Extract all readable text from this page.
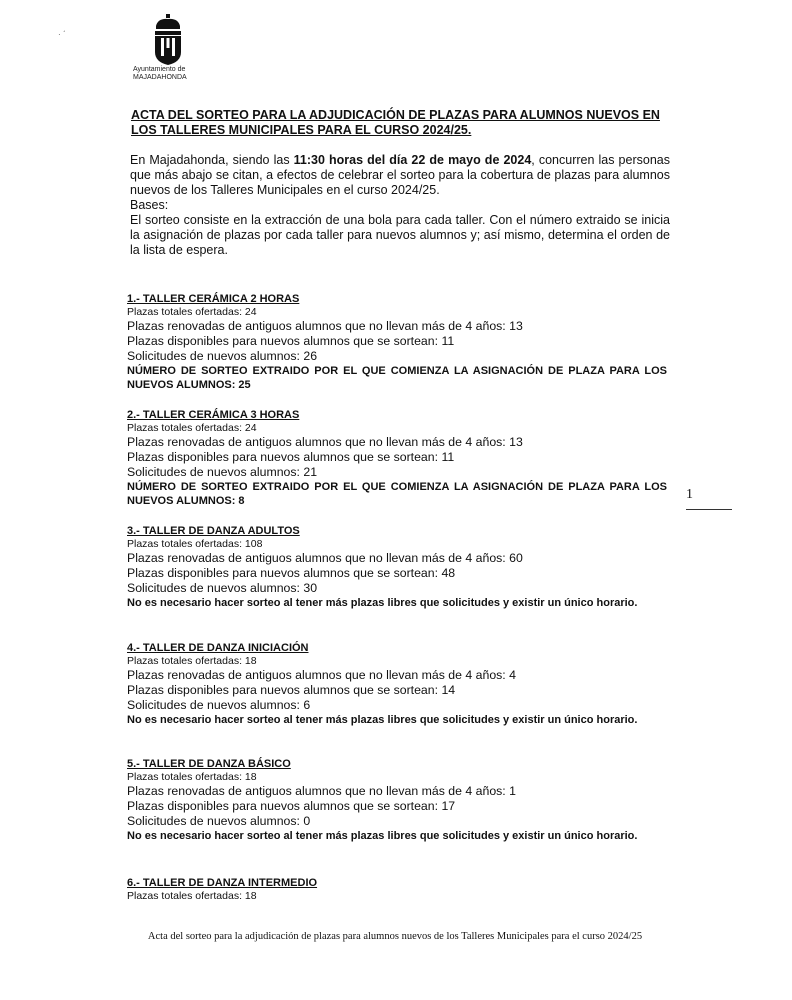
· ˊ
Ayuntamiento de
MAJADAHONDA
ACTA DEL SORTEO PARA LA ADJUDICACIÓN DE PLAZAS PARA ALUMNOS NUEVOS EN LOS TALLERES MUNICIPALES PARA EL CURSO 2024/25.

En Majadahonda, siendo las 11:30 horas del día 22 de mayo de 2024, concurren las personas que más abajo se citan, a efectos de celebrar el sorteo para la cobertura de plazas para alumnos nuevos de los Talleres Municipales en el curso 2024/25.

Bases:

El sorteo consiste en la extracción de una bola para cada taller. Con el número extraido se inicia la asignación de plazas por cada taller para nuevos alumnos y; así mismo, determina el orden de la lista de espera.

1.- TALLER CERÁMICA 2 HORAS
Plazas totales ofertadas: 24
Plazas renovadas de antiguos alumnos que no llevan más de 4 años: 13
Plazas disponibles para nuevos alumnos que se sortean: 11
Solicitudes de nuevos alumnos: 26
NÚMERO DE SORTEO EXTRAIDO POR EL QUE COMIENZA LA ASIGNACIÓN DE PLAZA PARA LOS NUEVOS ALUMNOS: 25
2.- TALLER CERÁMICA 3 HORAS
Plazas totales ofertadas: 24
Plazas renovadas de antiguos alumnos que no llevan más de 4 años: 13
Plazas disponibles para nuevos alumnos que se sortean: 11
Solicitudes de nuevos alumnos: 21
NÚMERO DE SORTEO EXTRAIDO POR EL QUE COMIENZA LA ASIGNACIÓN DE PLAZA PARA LOS NUEVOS ALUMNOS: 8
3.- TALLER DE DANZA ADULTOS
Plazas totales ofertadas: 108
Plazas renovadas de antiguos alumnos que no llevan más de 4 años: 60
Plazas disponibles para nuevos alumnos que se sortean: 48
Solicitudes de nuevos alumnos: 30
No es necesario hacer sorteo al tener más plazas libres que solicitudes y existir un único horario.
4.- TALLER DE DANZA INICIACIÓN
Plazas totales ofertadas: 18
Plazas renovadas de antiguos alumnos que no llevan más de 4 años: 4
Plazas disponibles para nuevos alumnos que se sortean: 14
Solicitudes de nuevos alumnos: 6
No es necesario hacer sorteo al tener más plazas libres que solicitudes y existir un único horario.
5.- TALLER DE DANZA BÁSICO
Plazas totales ofertadas: 18
Plazas renovadas de antiguos alumnos que no llevan más de 4 años: 1
Plazas disponibles para nuevos alumnos que se sortean: 17
Solicitudes de nuevos alumnos: 0
No es necesario hacer sorteo al tener más plazas libres que solicitudes y existir un único horario.
6.- TALLER DE DANZA INTERMEDIO
Plazas totales ofertadas: 18
1
Acta del sorteo para la adjudicación de plazas para alumnos nuevos de los Talleres Municipales para el curso 2024/25
